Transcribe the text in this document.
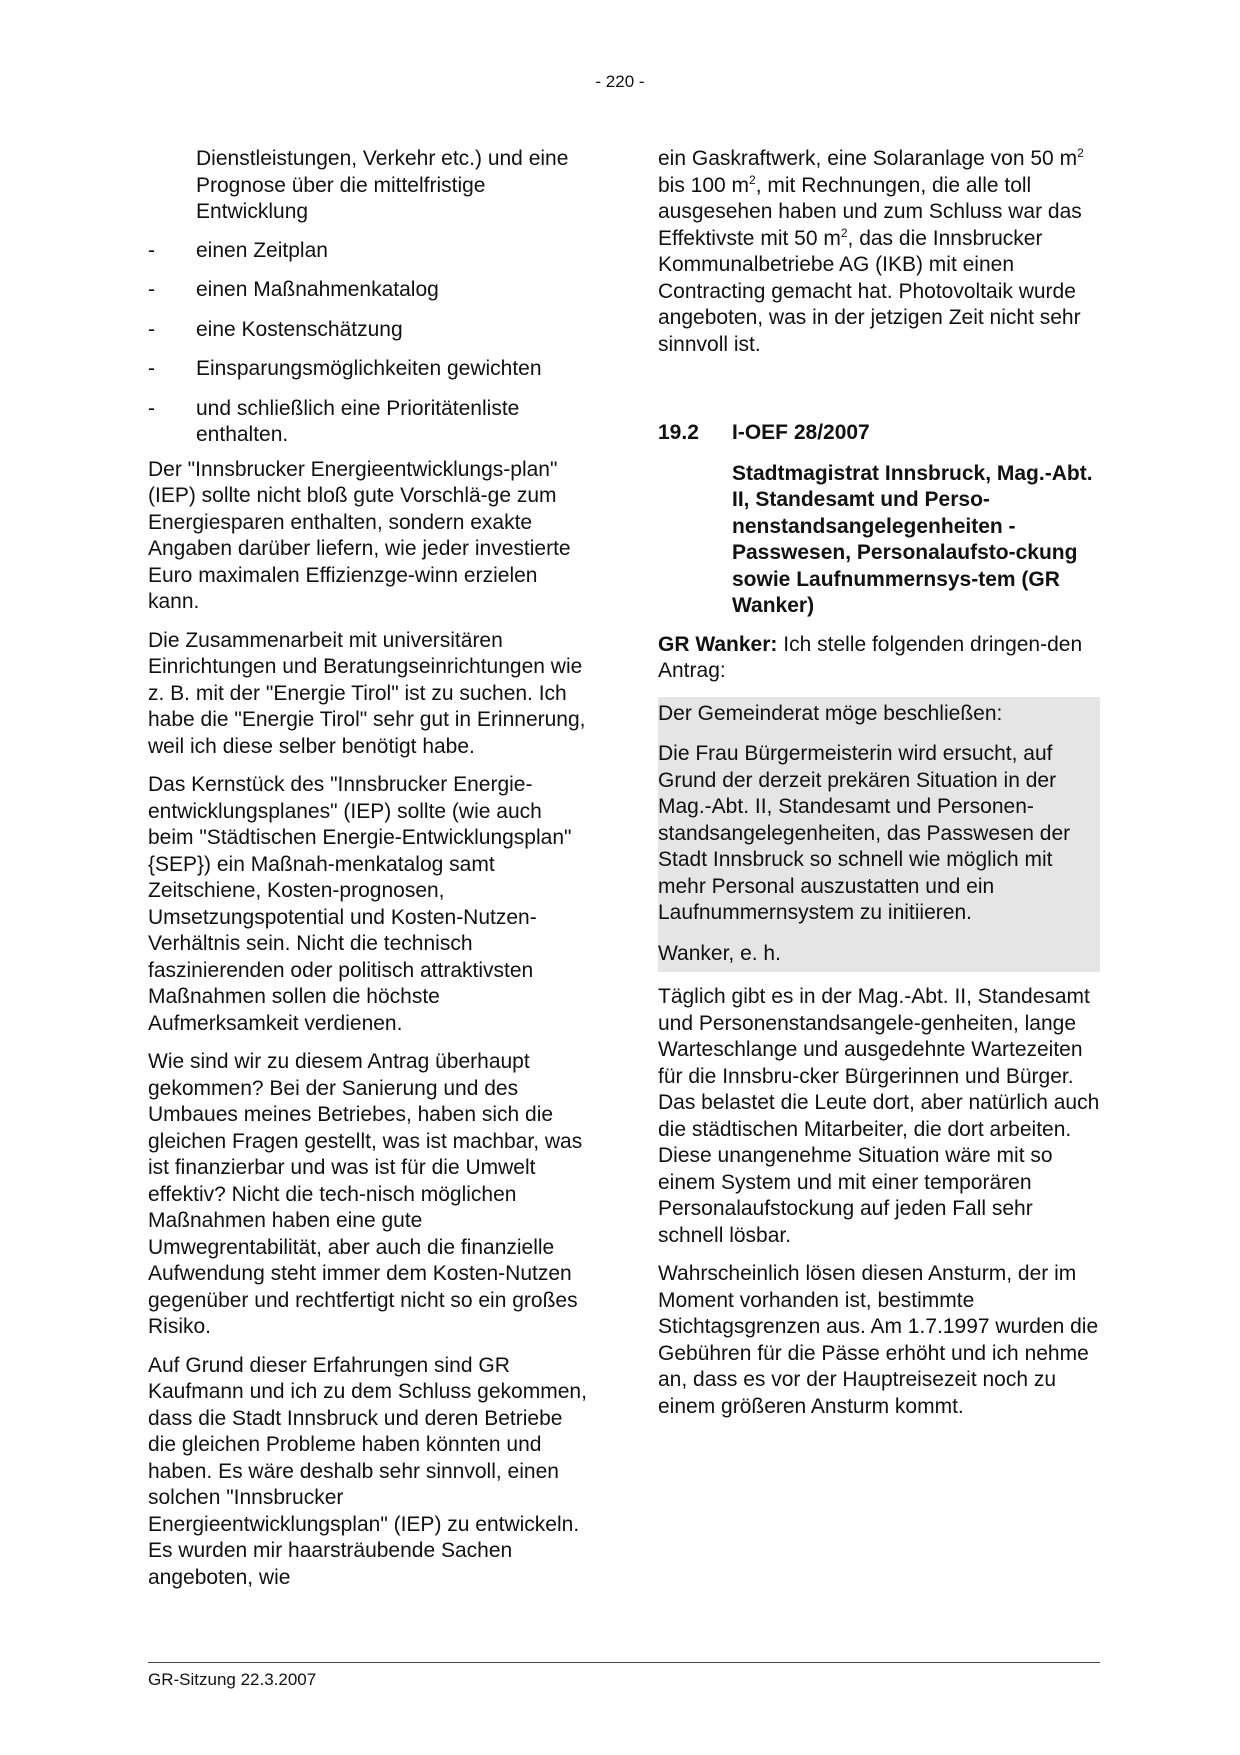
- 220 -

Dienstleistungen, Verkehr etc.) und eine Prognose über die mittelfristige Entwicklung

-	einen Zeitplan
-	einen Maßnahmenkatalog
-	eine Kostenschätzung
-	Einsparungsmöglichkeiten gewichten
-	und schließlich eine Prioritätenliste enthalten.

Der "Innsbrucker Energieentwicklungs-plan" (IEP) sollte nicht bloß gute Vorschlä-ge zum Energiesparen enthalten, sondern exakte Angaben darüber liefern, wie jeder investierte Euro maximalen Effizienzge-winn erzielen kann.

Die Zusammenarbeit mit universitären Einrichtungen und Beratungseinrichtungen wie z. B. mit der "Energie Tirol" ist zu suchen. Ich habe die "Energie Tirol" sehr gut in Erinnerung, weil ich diese selber benötigt habe.

Das Kernstück des "Innsbrucker Energie-entwicklungsplanes" (IEP) sollte (wie auch beim "Städtischen Energie-Entwicklungsplan" {SEP}) ein Maßnah-menkatalog samt Zeitschiene, Kosten-prognosen, Umsetzungspotential und Kosten-Nutzen-Verhältnis sein. Nicht die technisch faszinierenden oder politisch attraktivsten Maßnahmen sollen die höchste Aufmerksamkeit verdienen.

Wie sind wir zu diesem Antrag überhaupt gekommen? Bei der Sanierung und des Umbaues meines Betriebes, haben sich die gleichen Fragen gestellt, was ist machbar, was ist finanzierbar und was ist für die Umwelt effektiv? Nicht die tech-nisch möglichen Maßnahmen haben eine gute Umwegrentabilität, aber auch die finanzielle Aufwendung steht immer dem Kosten-Nutzen gegenüber und rechtfertigt nicht so ein großes Risiko.

Auf Grund dieser Erfahrungen sind GR Kaufmann und ich zu dem Schluss gekommen, dass die Stadt Innsbruck und deren Betriebe die gleichen Probleme haben könnten und haben. Es wäre deshalb sehr sinnvoll, einen solchen "Innsbrucker Energieentwicklungsplan" (IEP) zu entwickeln. Es wurden mir haarsträubende Sachen angeboten, wie

ein Gaskraftwerk, eine Solaranlage von 50 $m^2$ bis 100 $m^2$, mit Rechnungen, die alle toll ausgesehen haben und zum Schluss war das Effektivste mit 50 $m^2$, das die Innsbrucker Kommunalbetriebe AG (IKB) mit einen Contracting gemacht hat. Photovoltaik wurde angeboten, was in der jetzigen Zeit nicht sehr sinnvoll ist.

19.2	I-OEF 28/2007
Stadtmagistrat Innsbruck, Mag.-Abt. II, Standesamt und Perso-nenstandsangelegenheiten - Passwesen, Personalaufsto-ckung sowie Laufnummernsys-tem (GR Wanker)

GR Wanker: Ich stelle folgenden dringen-den Antrag:

Der Gemeinderat möge beschließen:

Die Frau Bürgermeisterin wird ersucht, auf Grund der derzeit prekären Situation in der Mag.-Abt. II, Standesamt und Personen-standsangelegenheiten, das Passwesen der Stadt Innsbruck so schnell wie möglich mit mehr Personal auszustatten und ein Laufnummernsystem zu initiieren.

Wanker, e. h.

Täglich gibt es in der Mag.-Abt. II, Standesamt und Personenstandsangele-genheiten, lange Warteschlange und ausgedehnte Wartezeiten für die Innsbru-cker Bürgerinnen und Bürger. Das belastet die Leute dort, aber natürlich auch die städtischen Mitarbeiter, die dort arbeiten. Diese unangenehme Situation wäre mit so einem System und mit einer temporären Personalaufstockung auf jeden Fall sehr schnell lösbar.

Wahrscheinlich lösen diesen Ansturm, der im Moment vorhanden ist, bestimmte Stichtagsgrenzen aus. Am 1.7.1997 wurden die Gebühren für die Pässe erhöht und ich nehme an, dass es vor der Hauptreisezeit noch zu einem größeren Ansturm kommt.

GR-Sitzung 22.3.2007
